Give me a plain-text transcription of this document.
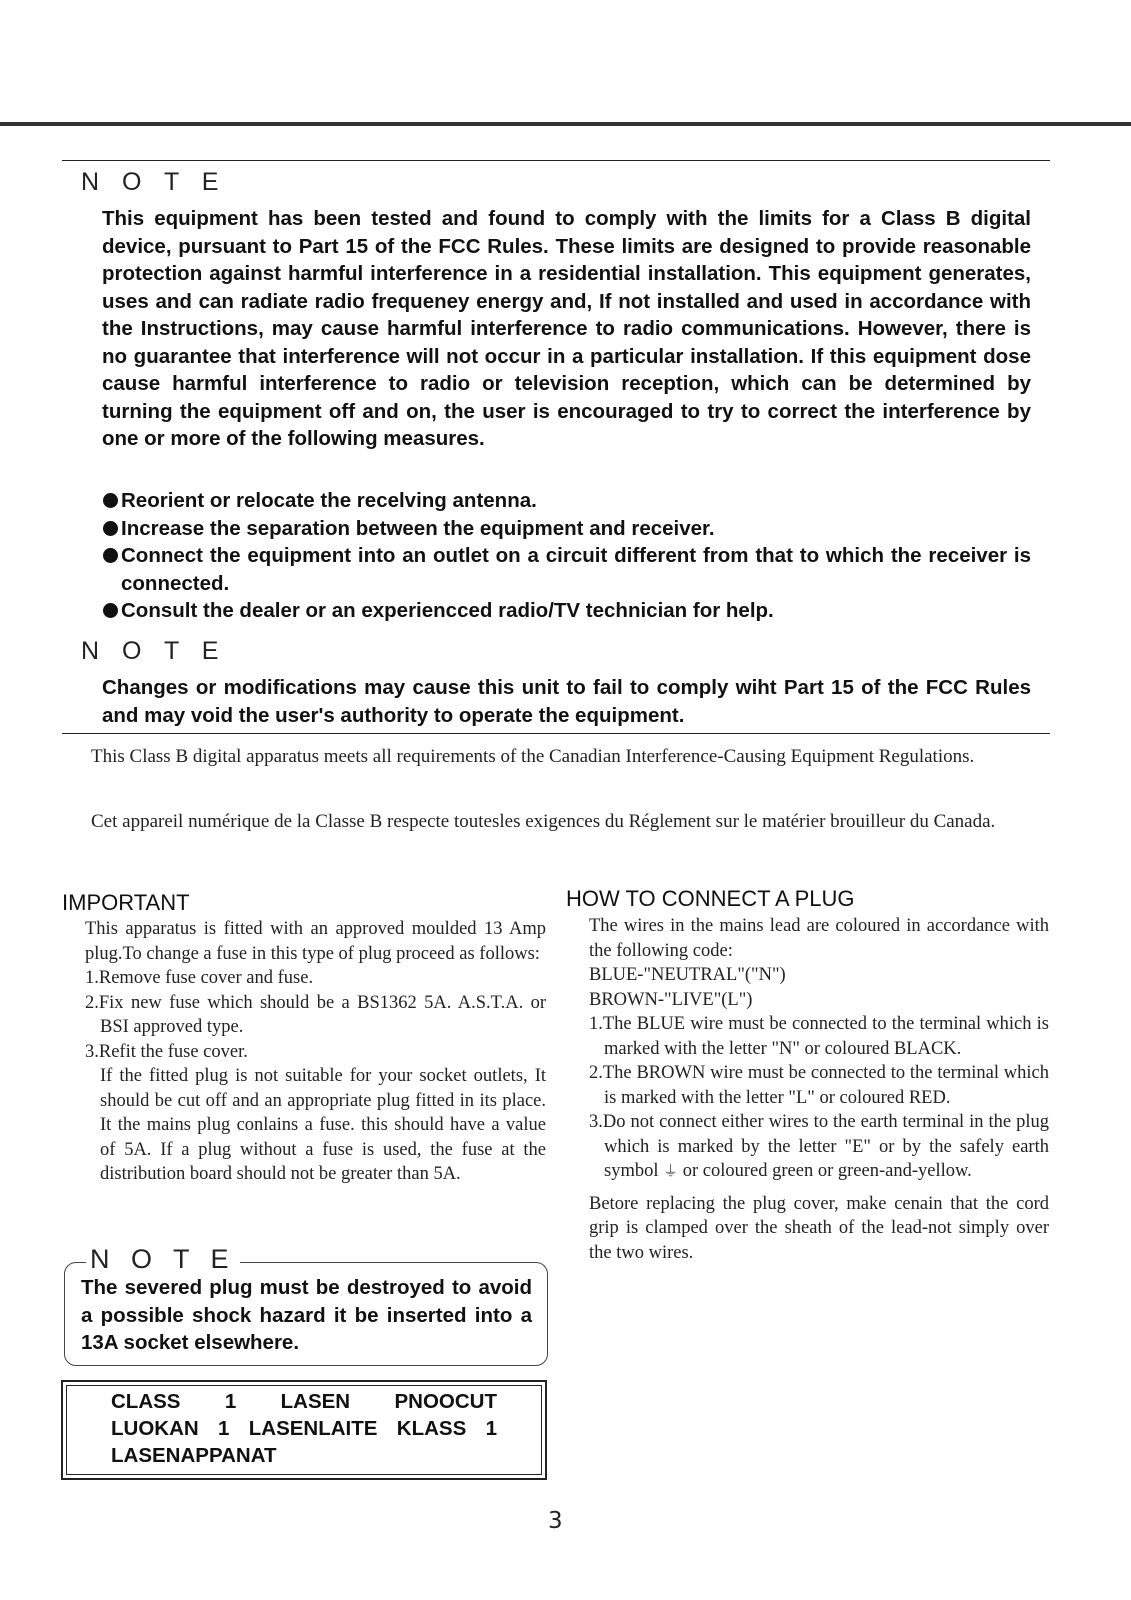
N O T E
This equipment has been tested and found to comply with the limits for a Class B digital device, pursuant to Part 15 of the FCC Rules. These limits are designed to provide reasonable protection against harmful interference in a residential installation. This equipment generates, uses and can radiate radio frequeney energy and, If not installed and used in accordance with the Instructions, may cause harmful interference to radio communications. However, there is no guarantee that interference will not occur in a particular installation. If this equipment dose cause harmful interference to radio or television reception, which can be determined by turning the equipment off and on, the user is encouraged to try to correct the interference by one or more of the following measures.
Reorient or relocate the recelving antenna.
Increase the separation between the equipment and receiver.
Connect the equipment into an outlet on a circuit different from that to which the receiver is connected.
Consult the dealer or an experiencced radio/TV technician for help.
N O T E
Changes or modifications may cause this unit to fail to comply wiht Part 15 of the FCC Rules and may void the user's authority to operate the equipment.
This Class B digital apparatus meets all requirements of the Canadian Interference-Causing Equipment Regulations.
Cet appareil numérique de la Classe B respecte toutesles exigences du Réglement sur le matérier brouilleur du Canada.
IMPORTANT

This apparatus is fitted with an approved moulded 13 Amp plug.To change a fuse in this type of plug proceed as follows:

1.Remove fuse cover and fuse.

2.Fix new fuse which should be a BS1362 5A. A.S.T.A. or BSI approved type.

3.Refit the fuse cover.

If the fitted plug is not suitable for your socket outlets, It should be cut off and an appropriate plug fitted in its place. It the mains plug conlains a fuse. this should have a value of 5A. If a plug without a fuse is used, the fuse at the distribution board should not be greater than 5A.

N O T E
The severed plug must be destroyed to avoid a possible shock hazard it be inserted into a 13A socket elsewhere.
CLASS 1 LASEN PNOOCUT
LUOKAN 1 LASENLAITE KLASS 1
LASENAPPANAT
HOW TO CONNECT A PLUG

The wires in the mains lead are coloured in accordance with the following code:

BLUE-"NEUTRAL"("N")

BROWN-"LIVE"(L")

1.The BLUE wire must be connected to the terminal which is marked with the letter "N" or coloured BLACK.

2.The BROWN wire must be connected to the terminal which is marked with the letter "L" or coloured RED.

3.Do not connect either wires to the earth terminal in the plug which is marked by the letter "E" or by the safely earth symbol ⏚ or coloured green or green-and-yellow.

Betore replacing the plug cover, make cenain that the cord grip is clamped over the sheath of the lead-not simply over the two wires.

3
